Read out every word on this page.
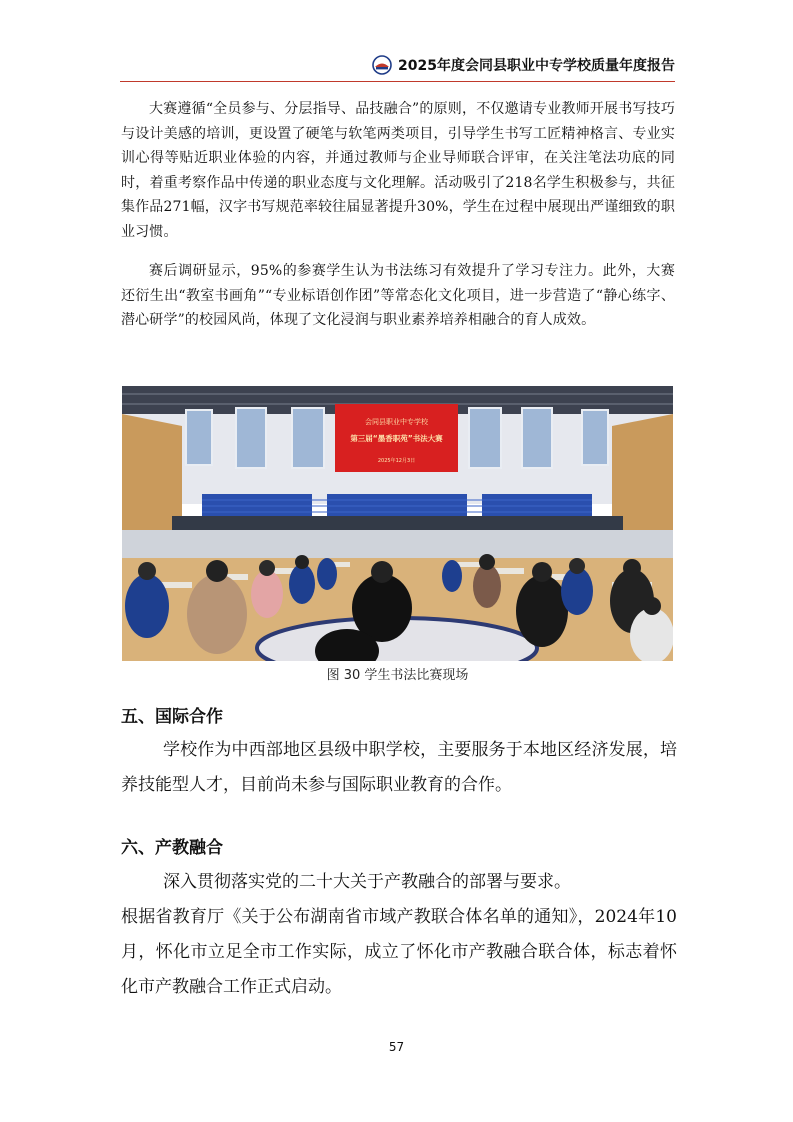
2025年度会同县职业中专学校质量年度报告

大赛遵循“全员参与、分层指导、品技融合”的原则，不仅邀请专业教师开展书写技巧与设计美感的培训，更设置了硬笔与软笔两类项目，引导学生书写工匠精神格言、专业实训心得等贴近职业体验的内容，并通过教师与企业导师联合评审，在关注笔法功底的同时，着重考察作品中传递的职业态度与文化理解。活动吸引了218名学生积极参与，共征集作品271幅，汉字书写规范率较往届显著提升30%，学生在过程中展现出严谨细致的职业习惯。

赛后调研显示，95%的参赛学生认为书法练习有效提升了学习专注力。此外，大赛还衍生出“教室书画角”“专业标语创作团”等常态化文化项目，进一步营造了“静心练字、潜心研学”的校园风尚，体现了文化浸润与职业素养培养相融合的育人成效。

会同县职业中专学校
第三届“墨香职苑”书法大赛
2025年12月3日
图 30 学生书法比赛现场
五、国际合作

学校作为中西部地区县级中职学校，主要服务于本地区经济发展，培养技能型人才，目前尚未参与国际职业教育的合作。

六、产教融合

深入贯彻落实党的二十大关于产教融合的部署与要求。

根据省教育厅《关于公布湖南省市域产教联合体名单的通知》，2024年10月，怀化市立足全市工作实际，成立了怀化市产教融合联合体，标志着怀化市产教融合工作正式启动。

57
